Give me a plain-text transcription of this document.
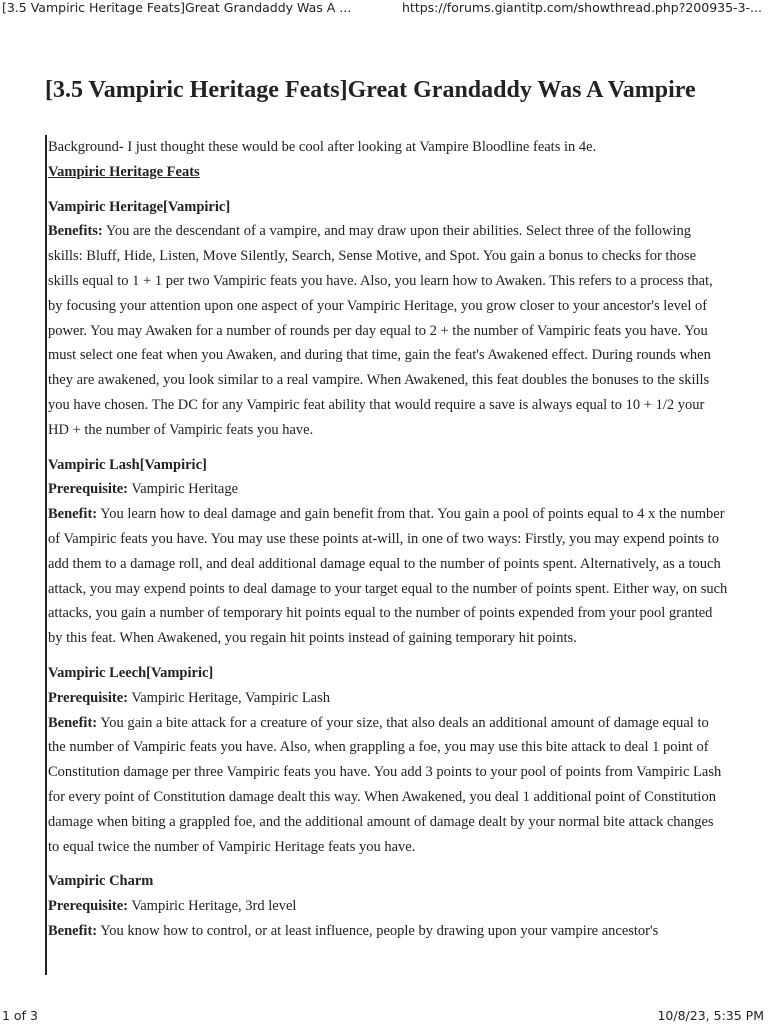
[3.5 Vampiric Heritage Feats]Great Grandaddy Was A ...	https://forums.giantitp.com/showthread.php?200935-3-...
[3.5 Vampiric Heritage Feats]Great Grandaddy Was A Vampire

Background- I just thought these would be cool after looking at Vampire Bloodline feats in 4e.

Vampiric Heritage Feats

Vampiric Heritage[Vampiric]

Benefits: You are the descendant of a vampire, and may draw upon their abilities. Select three of the following skills: Bluff, Hide, Listen, Move Silently, Search, Sense Motive, and Spot. You gain a bonus to checks for those skills equal to 1 + 1 per two Vampiric feats you have. Also, you learn how to Awaken. This refers to a process that, by focusing your attention upon one aspect of your Vampiric Heritage, you grow closer to your ancestor's level of power. You may Awaken for a number of rounds per day equal to 2 + the number of Vampiric feats you have. You must select one feat when you Awaken, and during that time, gain the feat's Awakened effect. During rounds when they are awakened, you look similar to a real vampire. When Awakened, this feat doubles the bonuses to the skills you have chosen. The DC for any Vampiric feat ability that would require a save is always equal to 10 + 1/2 your HD + the number of Vampiric feats you have.

Vampiric Lash[Vampiric]

Prerequisite: Vampiric Heritage

Benefit: You learn how to deal damage and gain benefit from that. You gain a pool of points equal to 4 x the number of Vampiric feats you have. You may use these points at-will, in one of two ways: Firstly, you may expend points to add them to a damage roll, and deal additional damage equal to the number of points spent. Alternatively, as a touch attack, you may expend points to deal damage to your target equal to the number of points spent. Either way, on such attacks, you gain a number of temporary hit points equal to the number of points expended from your pool granted by this feat. When Awakened, you regain hit points instead of gaining temporary hit points.

Vampiric Leech[Vampiric]

Prerequisite: Vampiric Heritage, Vampiric Lash

Benefit: You gain a bite attack for a creature of your size, that also deals an additional amount of damage equal to the number of Vampiric feats you have. Also, when grappling a foe, you may use this bite attack to deal 1 point of Constitution damage per three Vampiric feats you have. You add 3 points to your pool of points from Vampiric Lash for every point of Constitution damage dealt this way. When Awakened, you deal 1 additional point of Constitution damage when biting a grappled foe, and the additional amount of damage dealt by your normal bite attack changes to equal twice the number of Vampiric Heritage feats you have.

Vampiric Charm

Prerequisite: Vampiric Heritage, 3rd level

Benefit: You know how to control, or at least influence, people by drawing upon your vampire ancestor's

1 of 3	10/8/23, 5:35 PM
